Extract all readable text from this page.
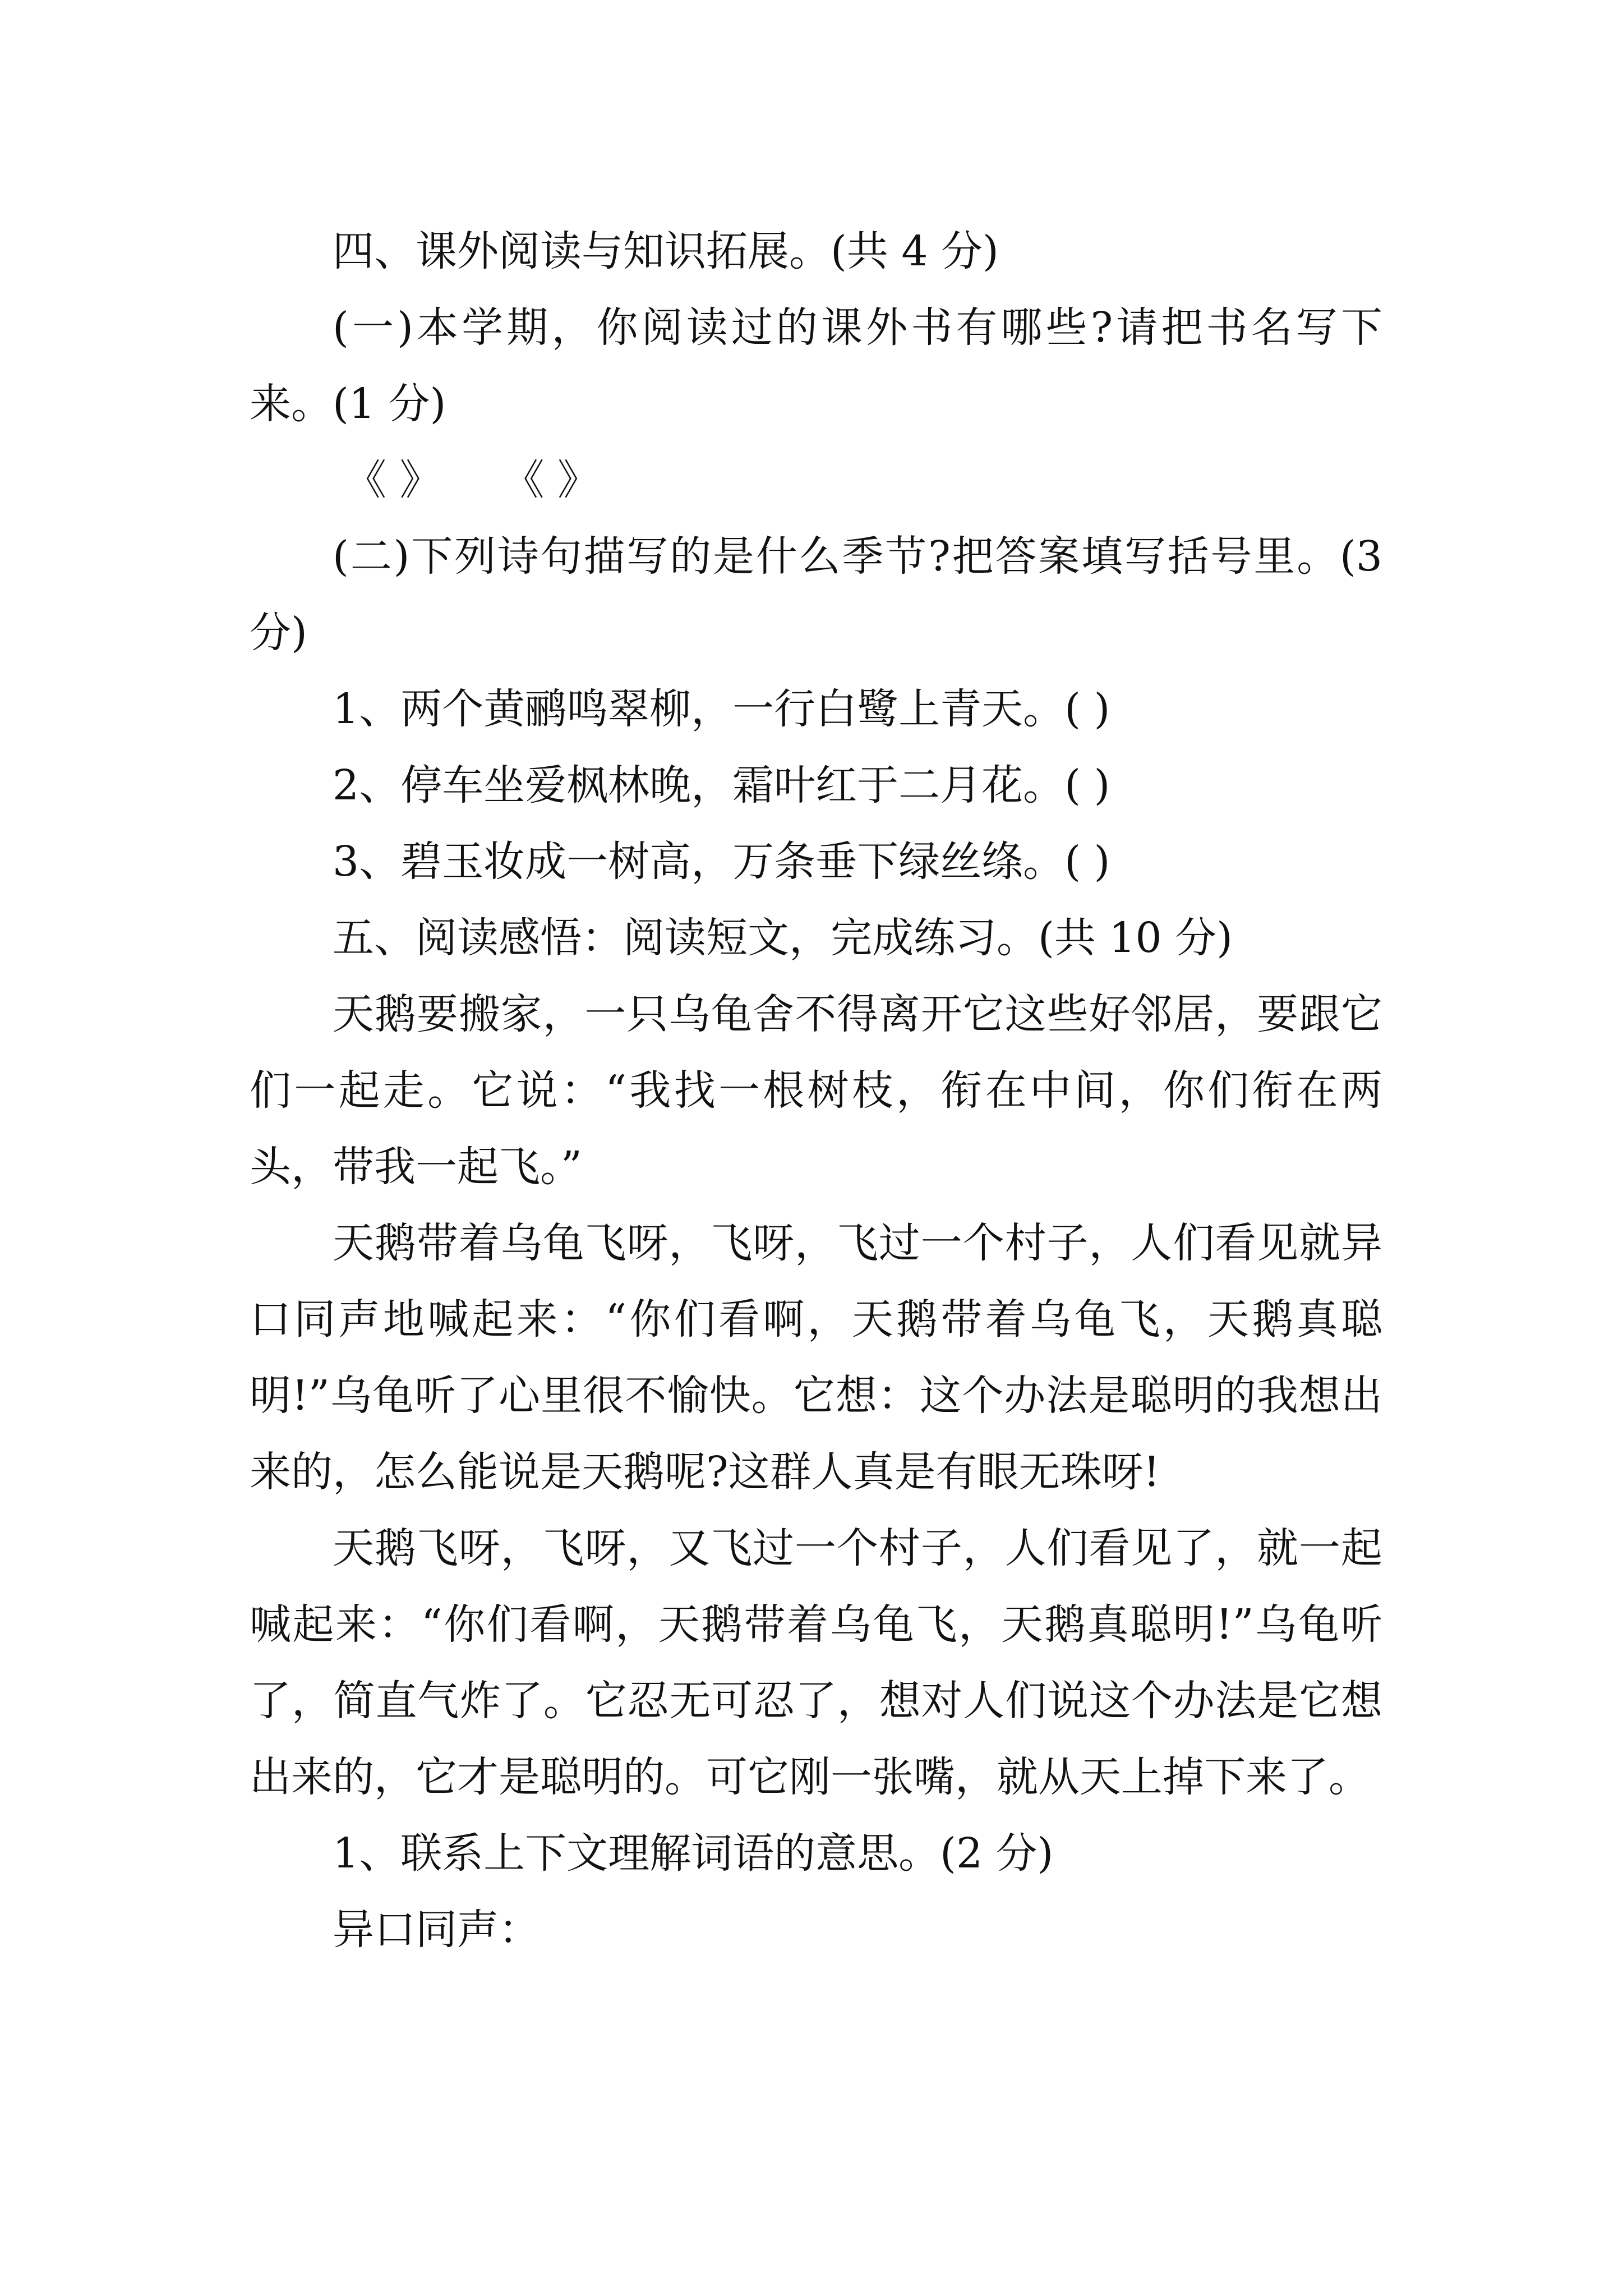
四、课外阅读与知识拓展。(共 4 分)

(一)本学期，你阅读过的课外书有哪些?请把书名写下来。(1 分)

《 》 《 》

(二)下列诗句描写的是什么季节?把答案填写括号里。(3 分)

1、两个黄鹂鸣翠柳，一行白鹭上青天。( )

2、停车坐爱枫林晚，霜叶红于二月花。( )

3、碧玉妆成一树高，万条垂下绿丝绦。( )

五、阅读感悟：阅读短文，完成练习。(共 10 分)

天鹅要搬家，一只乌龟舍不得离开它这些好邻居，要跟它们一起走。它说：“我找一根树枝，衔在中间，你们衔在两头，带我一起飞。”

天鹅带着乌龟飞呀，飞呀，飞过一个村子，人们看见就异口同声地喊起来：“你们看啊，天鹅带着乌龟飞，天鹅真聪明!”乌龟听了心里很不愉快。它想：这个办法是聪明的我想出来的，怎么能说是天鹅呢?这群人真是有眼无珠呀!

天鹅飞呀，飞呀，又飞过一个村子，人们看见了，就一起喊起来：“你们看啊，天鹅带着乌龟飞，天鹅真聪明!”乌龟听了，简直气炸了。它忍无可忍了，想对人们说这个办法是它想出来的，它才是聪明的。可它刚一张嘴，就从天上掉下来了。

1、联系上下文理解词语的意思。(2 分)

异口同声：
